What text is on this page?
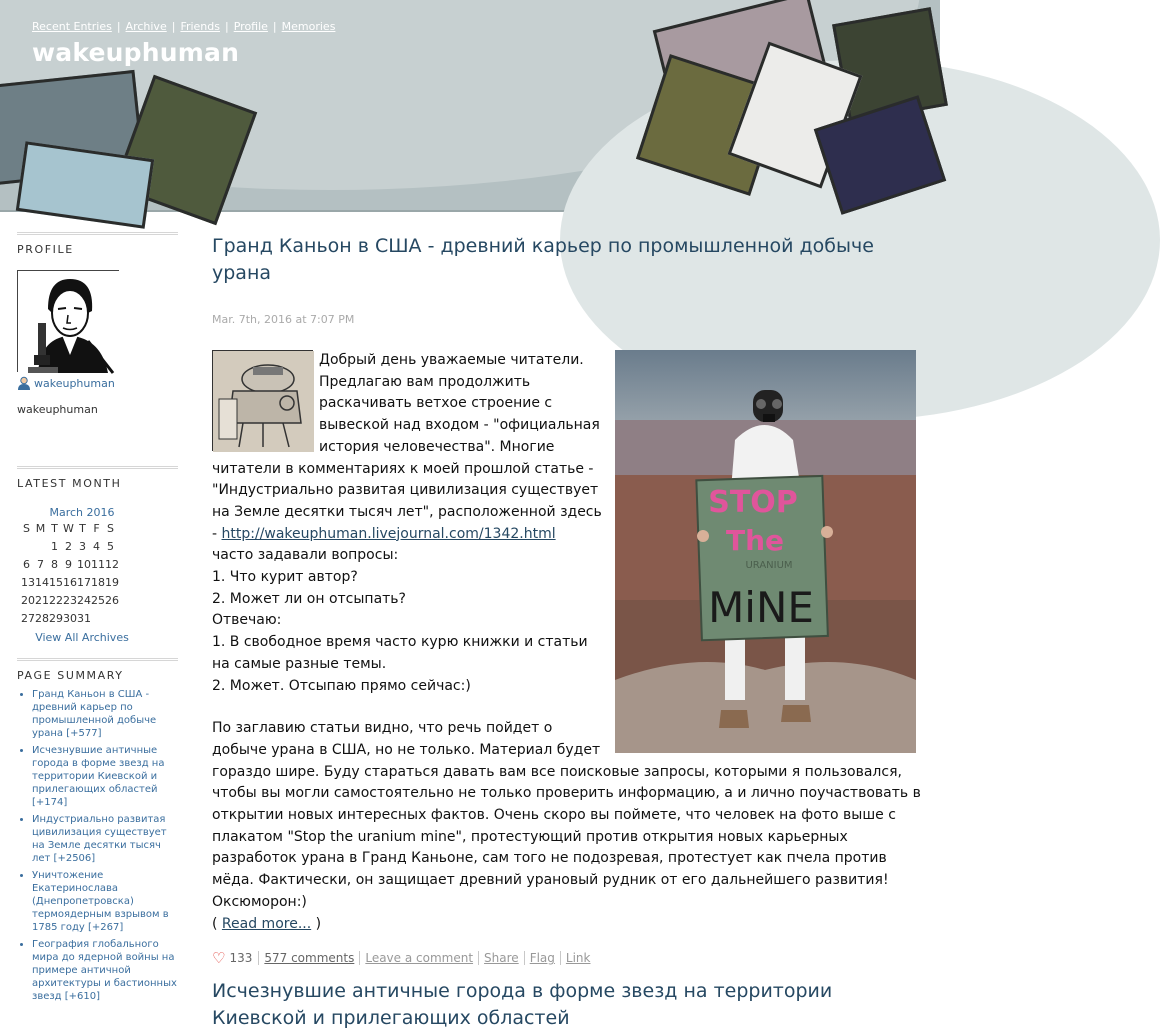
Recent Entries | Archive | Friends | Profile | Memories
wakeuphuman
PROFILE
wakeuphuman
wakeuphuman
LATEST MONTH
March 2016
S M T W T F S
1 2 3 4 5
6 7 8 9 10 11 12
13 14 15 16 17 18 19
20 21 22 23 24 25 26
27 28 29 30 31
View All Archives
PAGE SUMMARY
• Гранд Каньон в США - древний карьер по промышленной добыче урана [+577]
• Исчезнувшие античные города в форме звезд на территории Киевской и прилегающих областей [+174]
• Индустриально развитая цивилизация существует на Земле десятки тысяч лет [+2506]
• Уничтожение Екатеринослава (Днепропетровска) термоядерным взрывом в 1785 году [+267]
• География глобального мира до ядерной войны на примере античной архитектуры и бастионных звезд [+610]
Гранд Каньон в США - древний карьер по промышленной добыче урана
Mar. 7th, 2016 at 7:07 PM
STOP
The
URANIUM
MiNE

Добрый день уважаемые читатели. Предлагаю вам продолжить раскачивать ветхое строение с вывеской над входом - "официальная история человечества". Многие читатели в комментариях к моей прошлой статье - "Индустриально развитая цивилизация существует на Земле десятки тысяч лет", расположенной здесь - http://wakeuphuman.livejournal.com/1342.html

часто задавали вопросы:

1. Что курит автор?

2. Может ли он отсыпать?

Отвечаю:

1. В свободное время часто курю книжки и статьи на самые разные темы.

2. Может. Отсыпаю прямо сейчас:)

По заглавию статьи видно, что речь пойдет о добыче урана в США, но не только. Материал будет гораздо шире. Буду стараться давать вам все поисковые запросы, которыми я пользовался, чтобы вы могли самостоятельно не только проверить информацию, а и лично поучаствовать в открытии новых интересных фактов. Очень скоро вы поймете, что человек на фото выше с плакатом "Stop the uranium mine", протестующий против открытия новых карьерных разработок урана в Гранд Каньоне, сам того не подозревая, протестует как пчела против мёда. Фактически, он защищает древний урановый рудник от его дальнейшего развития! Оксюморон:)

( Read more... )

♡ 133	577 comments Leave a comment Share Flag Link
Исчезнувшие античные города в форме звезд на территории Киевской и прилегающих областей
